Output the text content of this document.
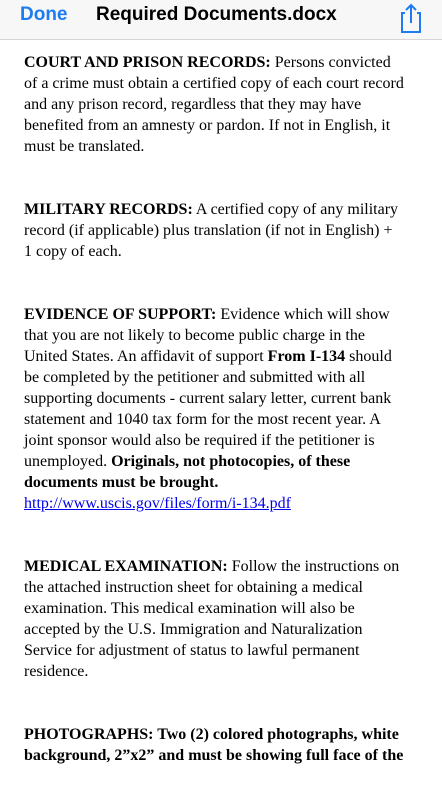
Done Required Documents.docx

COURT AND PRISON RECORDS: Persons convicted

of a crime must obtain a certified copy of each court record

and any prison record, regardless that they may have

benefited from an amnesty or pardon. If not in English, it

must be translated.

MILITARY RECORDS: A certified copy of any military

record (if applicable) plus translation (if not in English) +

1 copy of each.

EVIDENCE OF SUPPORT: Evidence which will show

that you are not likely to become public charge in the

United States. An affidavit of support From I-134 should

be completed by the petitioner and submitted with all

supporting documents - current salary letter, current bank

statement and 1040 tax form for the most recent year. A

joint sponsor would also be required if the petitioner is

unemployed. Originals, not photocopies, of these

documents must be brought.

http://www.uscis.gov/files/form/i-134.pdf

MEDICAL EXAMINATION: Follow the instructions on

the attached instruction sheet for obtaining a medical

examination. This medical examination will also be

accepted by the U.S. Immigration and Naturalization

Service for adjustment of status to lawful permanent

residence.

PHOTOGRAPHS: Two (2) colored photographs, white

background, 2”x2” and must be showing full face of the
